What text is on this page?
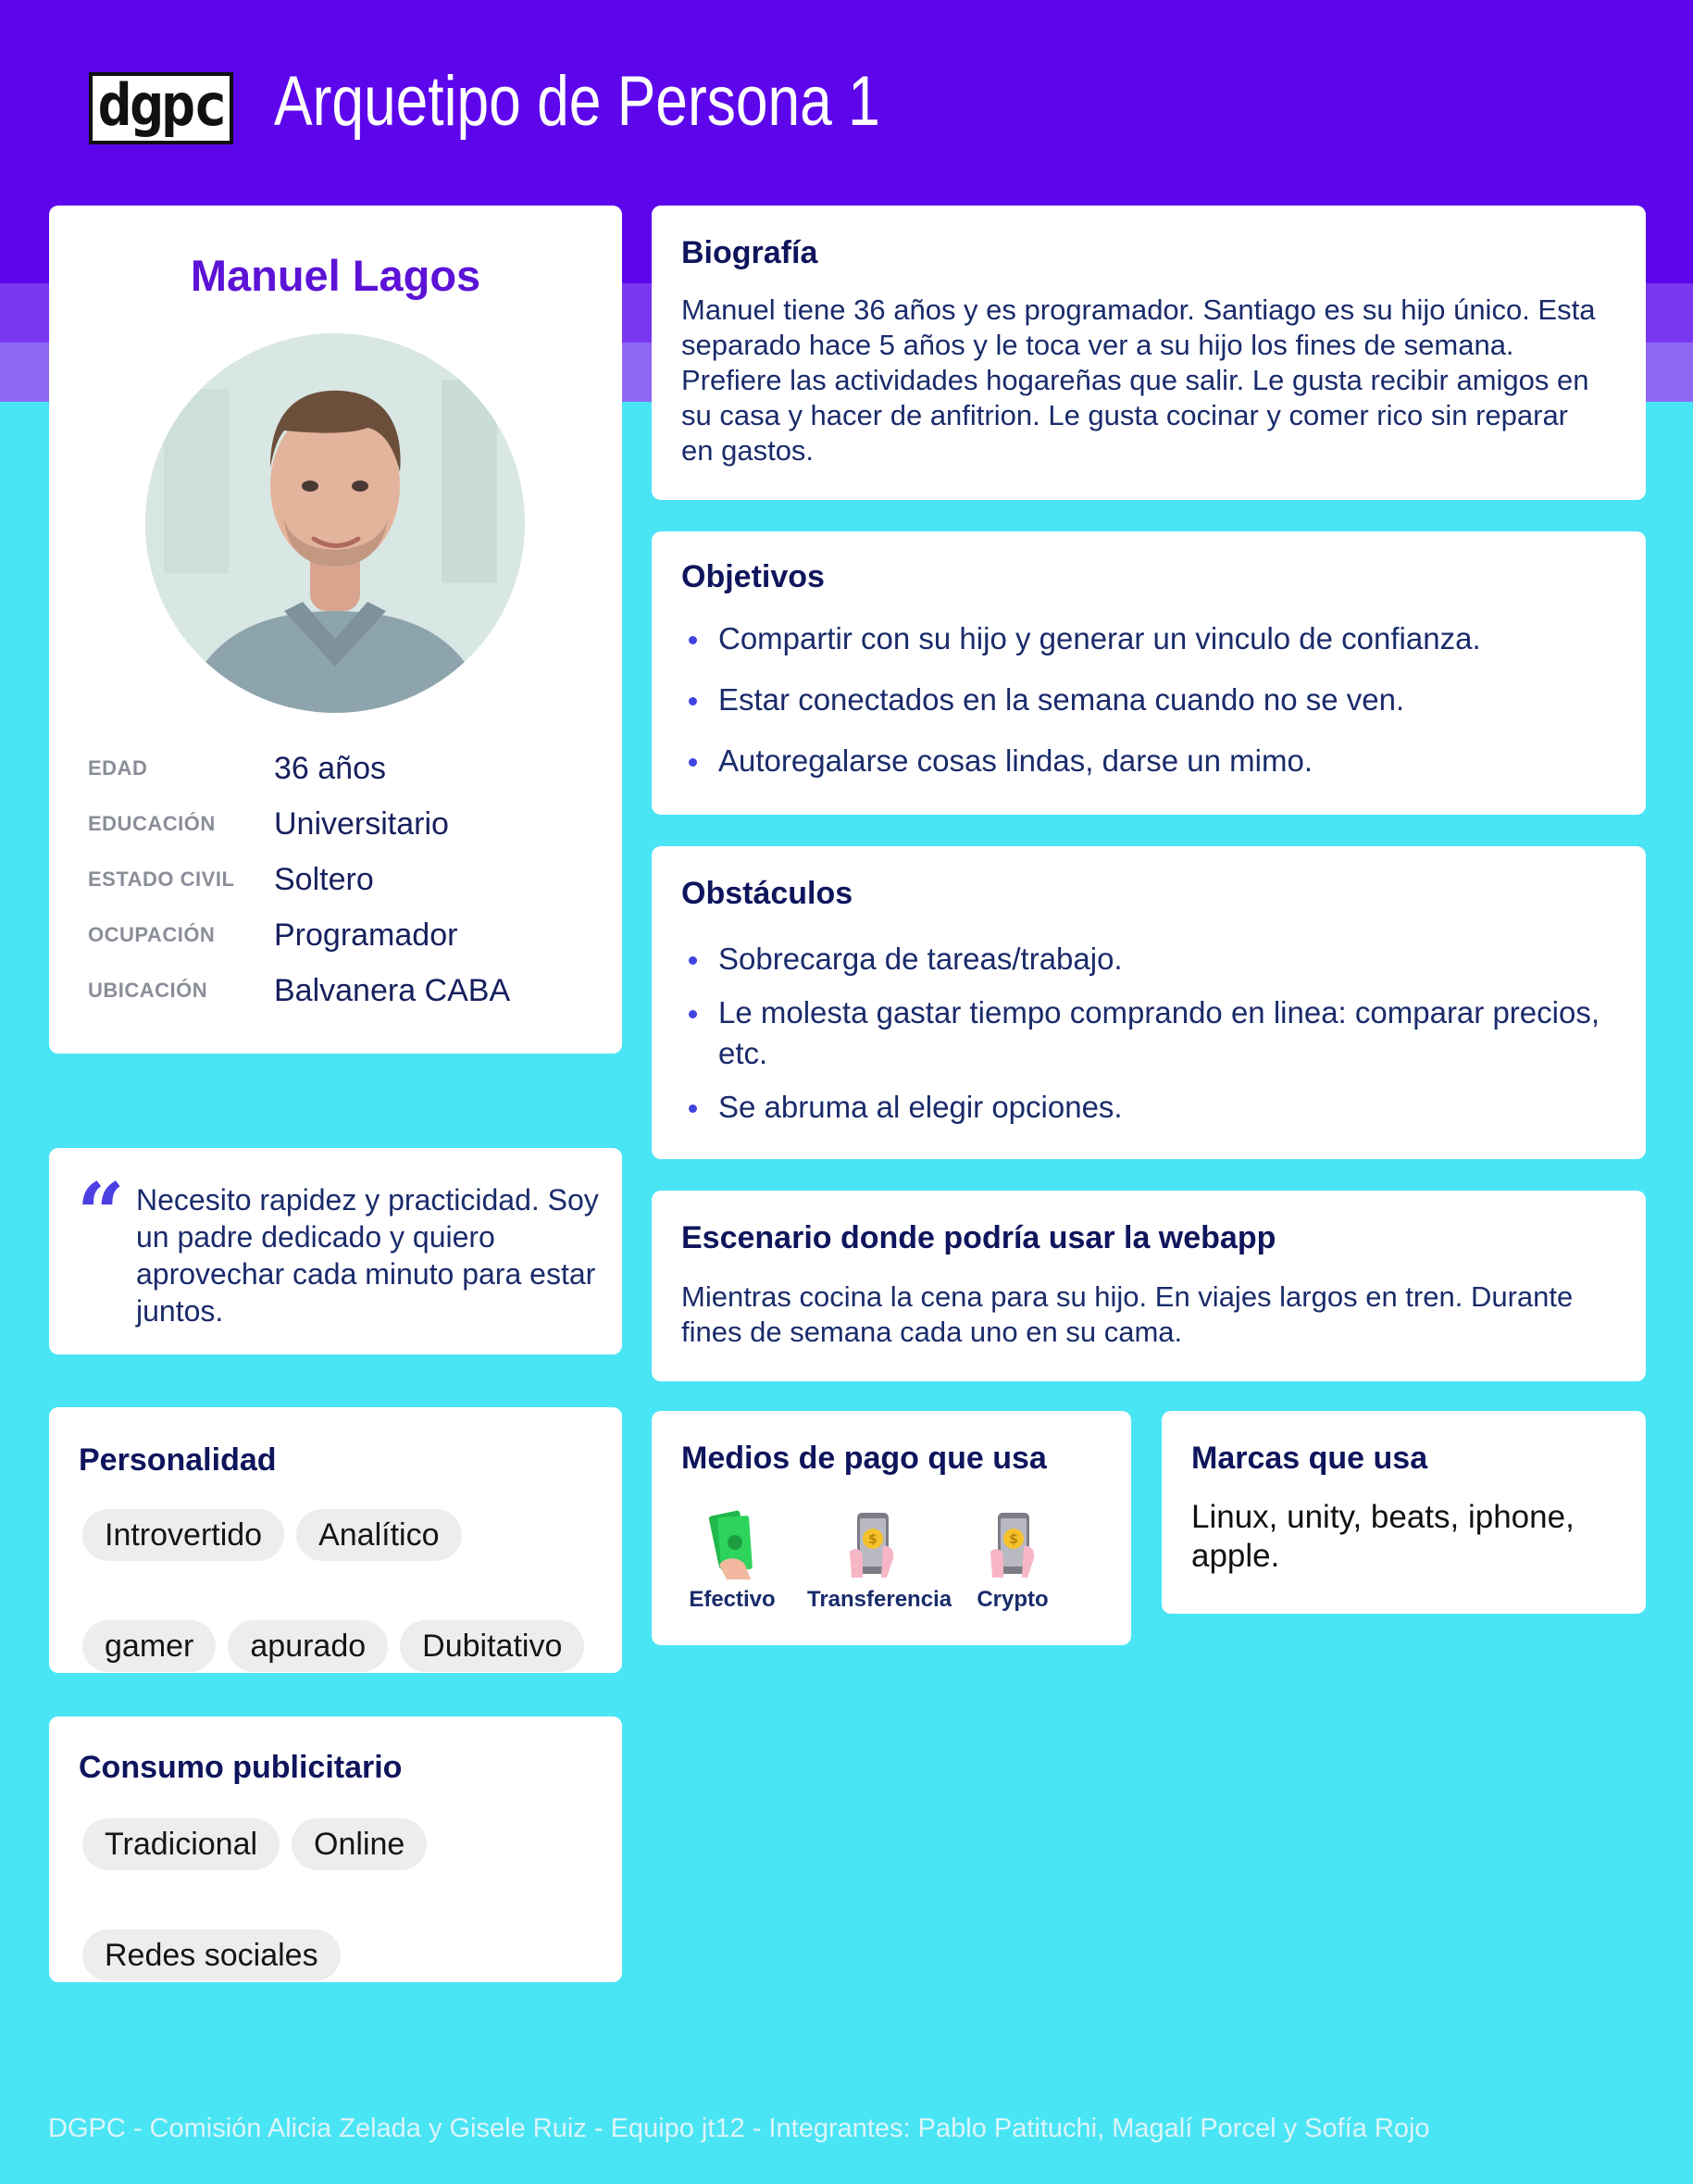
dgpc Arquetipo de Persona 1
Manuel Lagos
EDAD	36 años
EDUCACIÓN	Universitario
ESTADO CIVIL	Soltero
OCUPACIÓN	Programador
UBICACIÓN	Balvanera CABA
“ Necesito rapidez y practicidad. Soy un padre dedicado y quiero aprovechar cada minuto para estar juntos.
Personalidad
Introvertido	Analítico
gamer	apurado	Dubitativo
Consumo publicitario
Tradicional	Online
Redes sociales
Biografía
Manuel tiene 36 años y es programador. Santiago es su hijo único. Esta separado hace 5 años y le toca ver a su hijo los fines de semana. Prefiere las actividades hogareñas que salir. Le gusta recibir amigos en su casa y hacer de anfitrion. Le gusta cocinar y comer rico sin reparar en gastos.
Objetivos
Compartir con su hijo y generar un vinculo de confianza.
Estar conectados en la semana cuando no se ven.
Autoregalarse cosas lindas, darse un mimo.
Obstáculos
Sobrecarga de tareas/trabajo.
Le molesta gastar tiempo comprando en linea: comparar precios, etc.
Se abruma al elegir opciones.
Escenario donde podría usar la webapp
Mientras cocina la cena para su hijo. En viajes largos en tren. Durante fines de semana cada uno en su cama.
Medios de pago que usa
Efectivo
$
Transferencia
$
Crypto
Marcas que usa
Linux, unity, beats, iphone, apple.
DGPC - Comisión Alicia Zelada y Gisele Ruiz - Equipo jt12 - Integrantes: Pablo Patituchi, Magalí Porcel y Sofía Rojo
